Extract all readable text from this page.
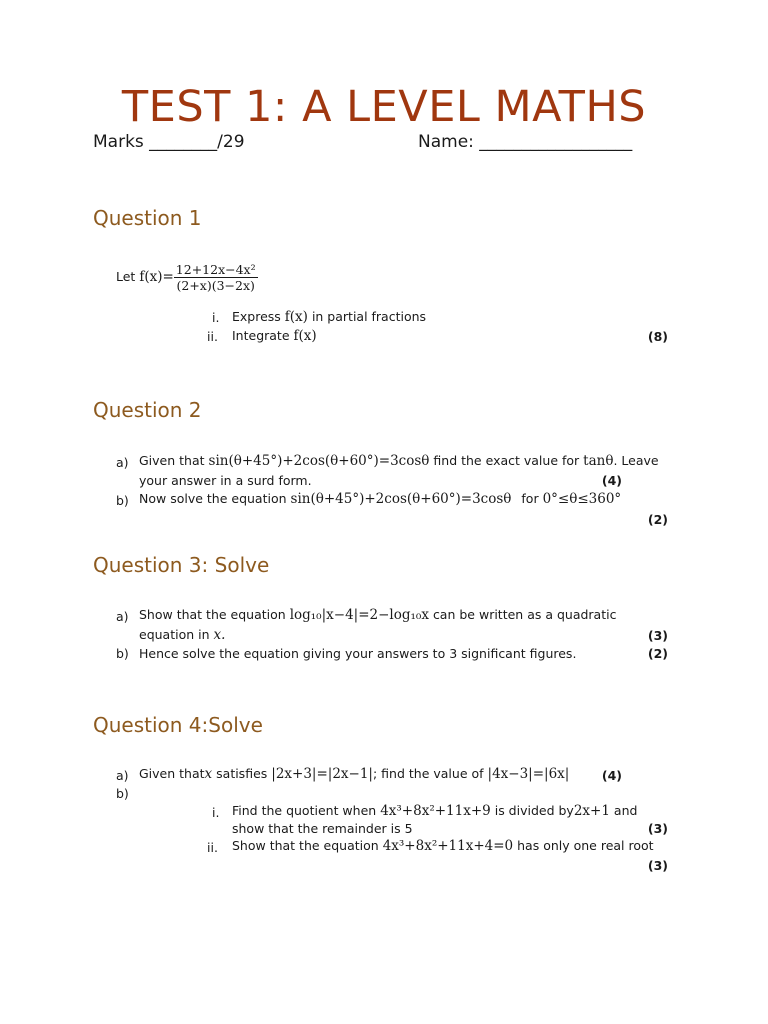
TEST 1: A LEVEL MATHS
Marks ________/29	Name: __________________
Question 1
Let $f(x)= \frac{\text{12+12x−4x²}}{(2+x)(3-2x)}$
i. Express f(x) in partial fractions
ii. Integrate f(x)	(8)
Question 2
a) Given that sin(θ+45°)+2cos(θ+60°)=3cosθ find the exact value for tanθ. Leave
your answer in a surd form.	(4)
b) Now solve the equation sin(θ+45°)+2cos(θ+60°)=3cosθ for 0°≤θ≤360°
(2)
Question 3: Solve
a) Show that the equation log₁₀|x−4|=2−log₁₀x can be written as a quadratic
equation in x.	(3)
b) Hence solve the equation giving your answers to 3 significant figures.	(2)
Question 4:Solve
a) Given thatx satisfies |2x+3|=|2x−1|; find the value of |4x−3|=|6x|	(4)
b)
i. Find the quotient when 4x³+8x²+11x+9 is divided by2x+1 and
show that the remainder is 5	(3)
ii. Show that the equation 4x³+8x²+11x+4=0 has only one real root
(3)
